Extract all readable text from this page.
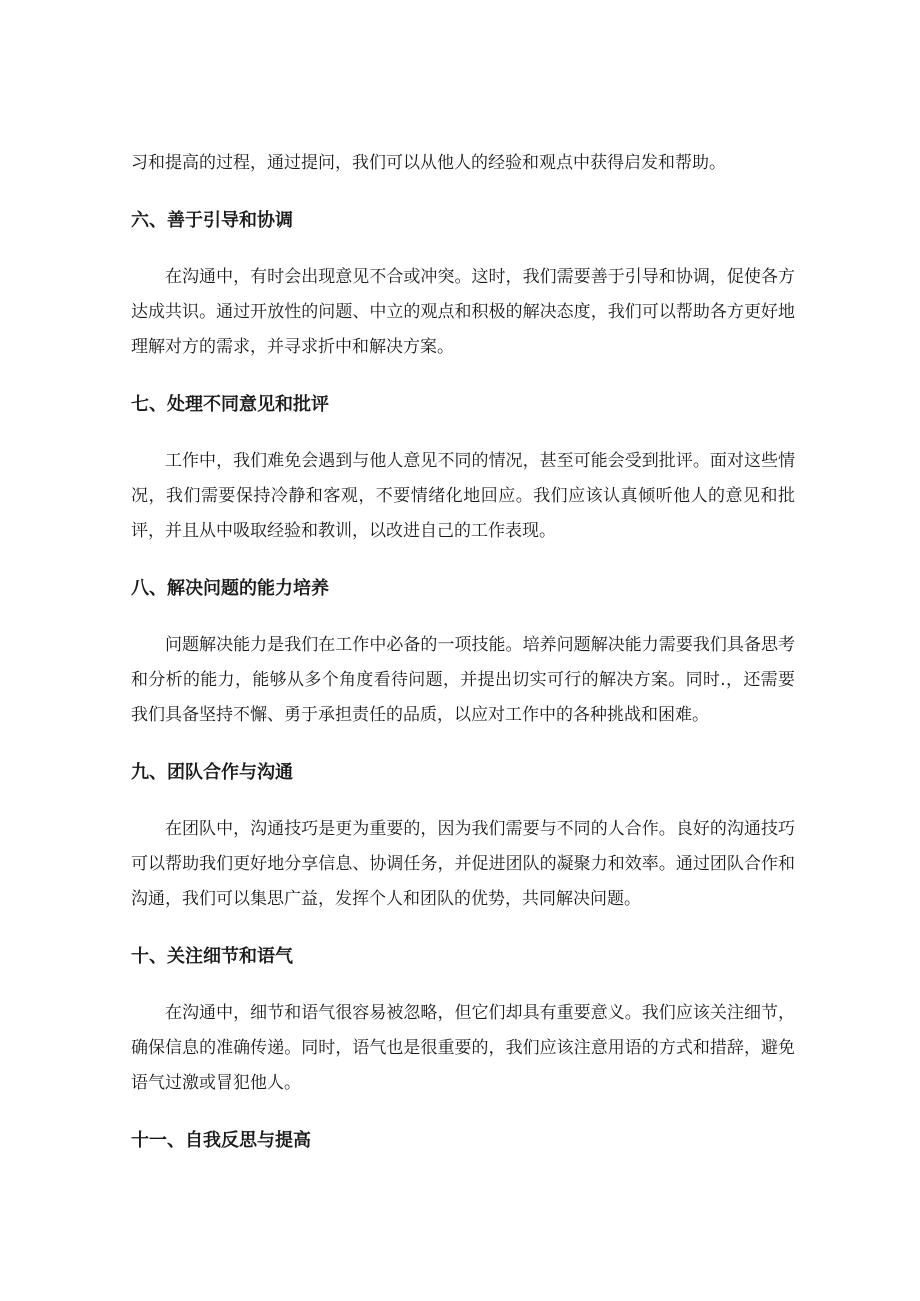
习和提高的过程，通过提问，我们可以从他人的经验和观点中获得启发和帮助。

六、善于引导和协调

在沟通中，有时会出现意见不合或冲突。这时，我们需要善于引导和协调，促使各方达成共识。通过开放性的问题、中立的观点和积极的解决态度，我们可以帮助各方更好地理解对方的需求，并寻求折中和解决方案。

七、处理不同意见和批评

工作中，我们难免会遇到与他人意见不同的情况，甚至可能会受到批评。面对这些情况，我们需要保持冷静和客观，不要情绪化地回应。我们应该认真倾听他人的意见和批评，并且从中吸取经验和教训，以改进自己的工作表现。

八、解决问题的能力培养

问题解决能力是我们在工作中必备的一项技能。培养问题解决能力需要我们具备思考和分析的能力，能够从多个角度看待问题，并提出切实可行的解决方案。同时.，还需要我们具备坚持不懈、勇于承担责任的品质，以应对工作中的各种挑战和困难。

九、团队合作与沟通

在团队中，沟通技巧是更为重要的，因为我们需要与不同的人合作。良好的沟通技巧可以帮助我们更好地分享信息、协调任务，并促进团队的凝聚力和效率。通过团队合作和沟通，我们可以集思广益，发挥个人和团队的优势，共同解决问题。

十、关注细节和语气

在沟通中，细节和语气很容易被忽略，但它们却具有重要意义。我们应该关注细节，确保信息的准确传递。同时，语气也是很重要的，我们应该注意用语的方式和措辞，避免语气过激或冒犯他人。

十一、自我反思与提高
